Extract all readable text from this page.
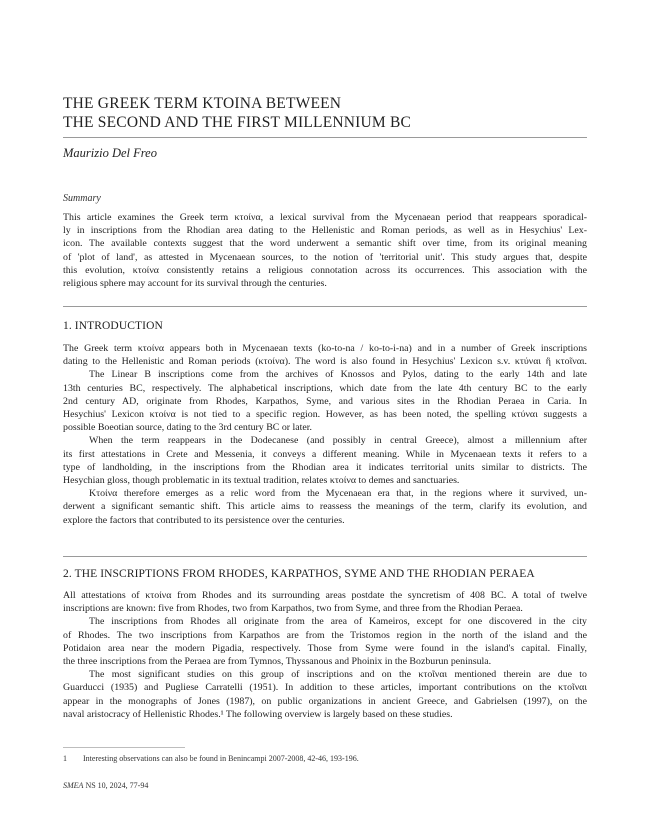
THE GREEK TERM KTOINA BETWEEN
THE SECOND AND THE FIRST MILLENNIUM BC
Maurizio Del Freo
Summary
This article examines the Greek term κτοίνα, a lexical survival from the Mycenaean period that reappears sporadical-
ly in inscriptions from the Rhodian area dating to the Hellenistic and Roman periods, as well as in Hesychius' Lex-
icon. The available contexts suggest that the word underwent a semantic shift over time, from its original meaning
of 'plot of land', as attested in Mycenaean sources, to the notion of 'territorial unit'. This study argues that, despite
this evolution, κτοίνα consistently retains a religious connotation across its occurrences. This association with the
religious sphere may account for its survival through the centuries.
1. INTRODUCTION
The Greek term κτοίνα appears both in Mycenaean texts (ko-to-na / ko-to-i-na) and in a number of Greek inscriptions
dating to the Hellenistic and Roman periods (κτοίνα). The word is also found in Hesychius' Lexicon s.v. κτύναι ἢ κτοῖναι.
The Linear B inscriptions come from the archives of Knossos and Pylos, dating to the early 14th and late
13th centuries BC, respectively. The alphabetical inscriptions, which date from the late 4th century BC to the early
2nd century AD, originate from Rhodes, Karpathos, Syme, and various sites in the Rhodian Peraea in Caria. In
Hesychius' Lexicon κτοίνα is not tied to a specific region. However, as has been noted, the spelling κτύναι suggests a
possible Boeotian source, dating to the 3rd century BC or later.
When the term reappears in the Dodecanese (and possibly in central Greece), almost a millennium after
its first attestations in Crete and Messenia, it conveys a different meaning. While in Mycenaean texts it refers to a
type of landholding, in the inscriptions from the Rhodian area it indicates territorial units similar to districts. The
Hesychian gloss, though problematic in its textual tradition, relates κτοίνα to demes and sanctuaries.
Κτοίνα therefore emerges as a relic word from the Mycenaean era that, in the regions where it survived, un-
derwent a significant semantic shift. This article aims to reassess the meanings of the term, clarify its evolution, and
explore the factors that contributed to its persistence over the centuries.
2. THE INSCRIPTIONS FROM RHODES, KARPATHOS, SYME AND THE RHODIAN PERAEA
All attestations of κτοίνα from Rhodes and its surrounding areas postdate the syncretism of 408 BC. A total of twelve
inscriptions are known: five from Rhodes, two from Karpathos, two from Syme, and three from the Rhodian Peraea.
The inscriptions from Rhodes all originate from the area of Kameiros, except for one discovered in the city
of Rhodes. The two inscriptions from Karpathos are from the Tristomos region in the north of the island and the
Potidaion area near the modern Pigadia, respectively. Those from Syme were found in the island's capital. Finally,
the three inscriptions from the Peraea are from Tymnos, Thyssanous and Phoinix in the Bozburun peninsula.
The most significant studies on this group of inscriptions and on the κτοῖναι mentioned therein are due to
Guarducci (1935) and Pugliese Carratelli (1951). In addition to these articles, important contributions on the κτοῖναι
appear in the monographs of Jones (1987), on public organizations in ancient Greece, and Gabrielsen (1997), on the
naval aristocracy of Hellenistic Rhodes.¹ The following overview is largely based on these studies.
1 Interesting observations can also be found in Benincampi 2007-2008, 42-46, 193-196.
SMEA NS 10, 2024, 77-94
